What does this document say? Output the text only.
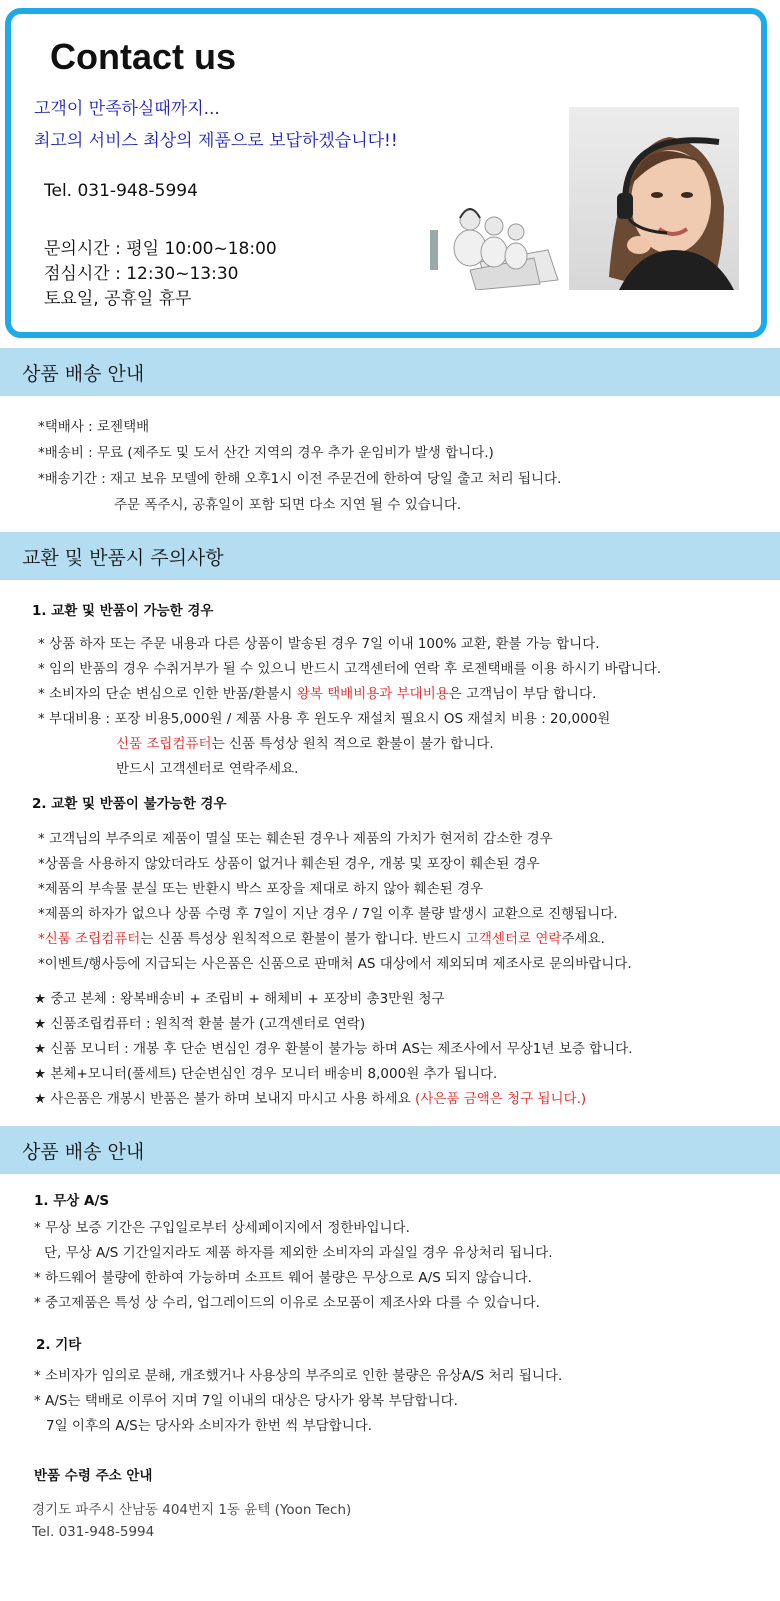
Contact us
고객이 만족하실때까지...
최고의 서비스 최상의 제품으로 보답하겠습니다!!
Tel. 031-948-5994
문의시간 : 평일 10:00~18:00
점심시간 : 12:30~13:30
토요일, 공휴일 휴무
상품 배송 안내
*택배사 : 로젠택배
*배송비 : 무료 (제주도 및 도서 산간 지역의 경우 추가 운임비가 발생 합니다.)
*배송기간 : 재고 보유 모델에 한해 오후1시 이전 주문건에 한하여 당일 출고 처리 됩니다.
주문 폭주시, 공휴일이 포함 되면 다소 지연 될 수 있습니다.
교환 및 반품시 주의사항
1. 교환 및 반품이 가능한 경우
* 상품 하자 또는 주문 내용과 다른 상품이 발송된 경우 7일 이내 100% 교환, 환불 가능 합니다.
* 임의 반품의 경우 수취거부가 될 수 있으니 반드시 고객센터에 연락 후 로젠택배를 이용 하시기 바랍니다.
* 소비자의 단순 변심으로 인한 반품/환불시 왕복 택배비용과 부대비용은 고객님이 부담 합니다.
* 부대비용 : 포장 비용5,000원 / 제품 사용 후 윈도우 재설치 필요시 OS 재설치 비용 : 20,000원
신품 조립컴퓨터는 신품 특성상 원칙 적으로 환불이 불가 합니다.
반드시 고객센터로 연락주세요.
2. 교환 및 반품이 불가능한 경우
* 고객님의 부주의로 제품이 멸실 또는 훼손된 경우나 제품의 가치가 현저히 감소한 경우
*상품을 사용하지 않았더라도 상품이 없거나 훼손된 경우, 개봉 및 포장이 훼손된 경우
*제품의 부속물 분실 또는 반환시 박스 포장을 제대로 하지 않아 훼손된 경우
*제품의 하자가 없으나 상품 수령 후 7일이 지난 경우 / 7일 이후 불량 발생시 교환으로 진행됩니다.
*신품 조립컴퓨터는 신품 특성상 원칙적으로 환불이 불가 합니다. 반드시 고객센터로 연락주세요.
*이벤트/행사등에 지급되는 사은품은 신품으로 판매처 AS 대상에서 제외되며 제조사로 문의바랍니다.
★ 중고 본체 : 왕복배송비 + 조립비 + 해체비 + 포장비 총3만원 청구
★ 신품조립컴퓨터 : 원칙적 환불 불가 (고객센터로 연락)
★ 신품 모니터 : 개봉 후 단순 변심인 경우 환불이 불가능 하며 AS는 제조사에서 무상1년 보증 합니다.
★ 본체+모니터(풀세트) 단순변심인 경우 모니터 배송비 8,000원 추가 됩니다.
★ 사은품은 개봉시 반품은 불가 하며 보내지 마시고 사용 하세요 (사은품 금액은 청구 됩니다.)
상품 배송 안내
1. 무상 A/S
* 무상 보증 기간은 구입일로부터 상세페이지에서 정한바입니다.
단, 무상 A/S 기간일지라도 제품 하자를 제외한 소비자의 과실일 경우 유상처리 됩니다.
* 하드웨어 불량에 한하여 가능하며 소프트 웨어 불량은 무상으로 A/S 되지 않습니다.
* 중고제품은 특성 상 수리, 업그레이드의 이유로 소모품이 제조사와 다를 수 있습니다.
2. 기타
* 소비자가 임의로 분해, 개조했거나 사용상의 부주의로 인한 불량은 유상A/S 처리 됩니다.
* A/S는 택배로 이루어 지며 7일 이내의 대상은 당사가 왕복 부담합니다.
7일 이후의 A/S는 당사와 소비자가 한번 씩 부담합니다.
반품 수령 주소 안내
경기도 파주시 산남동 404번지 1동 윤텍 (Yoon Tech)
Tel. 031-948-5994
